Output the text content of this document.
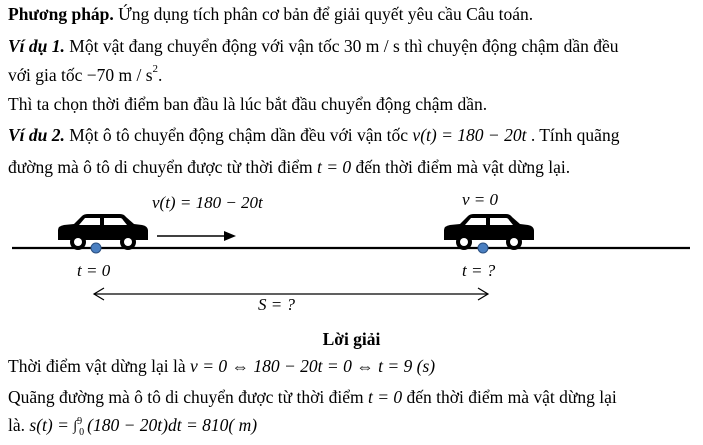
Phương pháp. Ứng dụng tích phân cơ bản để giải quyết yêu cầu Câu toán.
Ví dụ 1. Một vật đang chuyển động với vận tốc 30 m / s thì chuyện động chậm dần đều
với gia tốc −70 m / $s^2$.
Thì ta chọn thời điểm ban đầu là lúc bắt đầu chuyển động chậm dần.
Ví du 2. Một ô tô chuyển động chậm dần đều với vận tốc v(t) = 180 − 20t . Tính quãng
đường mà ô tô di chuyển được từ thời điểm t = 0 đến thời điểm mà vật dừng lại.
v(t) = 180 − 20t	v = 0
t = 0	t = ?
S = ?
Lời giải
Thời điểm vật dừng lại là v = 0 ⇔ 180 − 20t = 0 ⇔ t = 9 (s)
Quãng đường mà ô tô di chuyển được từ thời điểm t = 0 đến thời điểm mà vật dừng lại
là. s(t) = ∫90 (180 − 20t)dt = 810( m)
